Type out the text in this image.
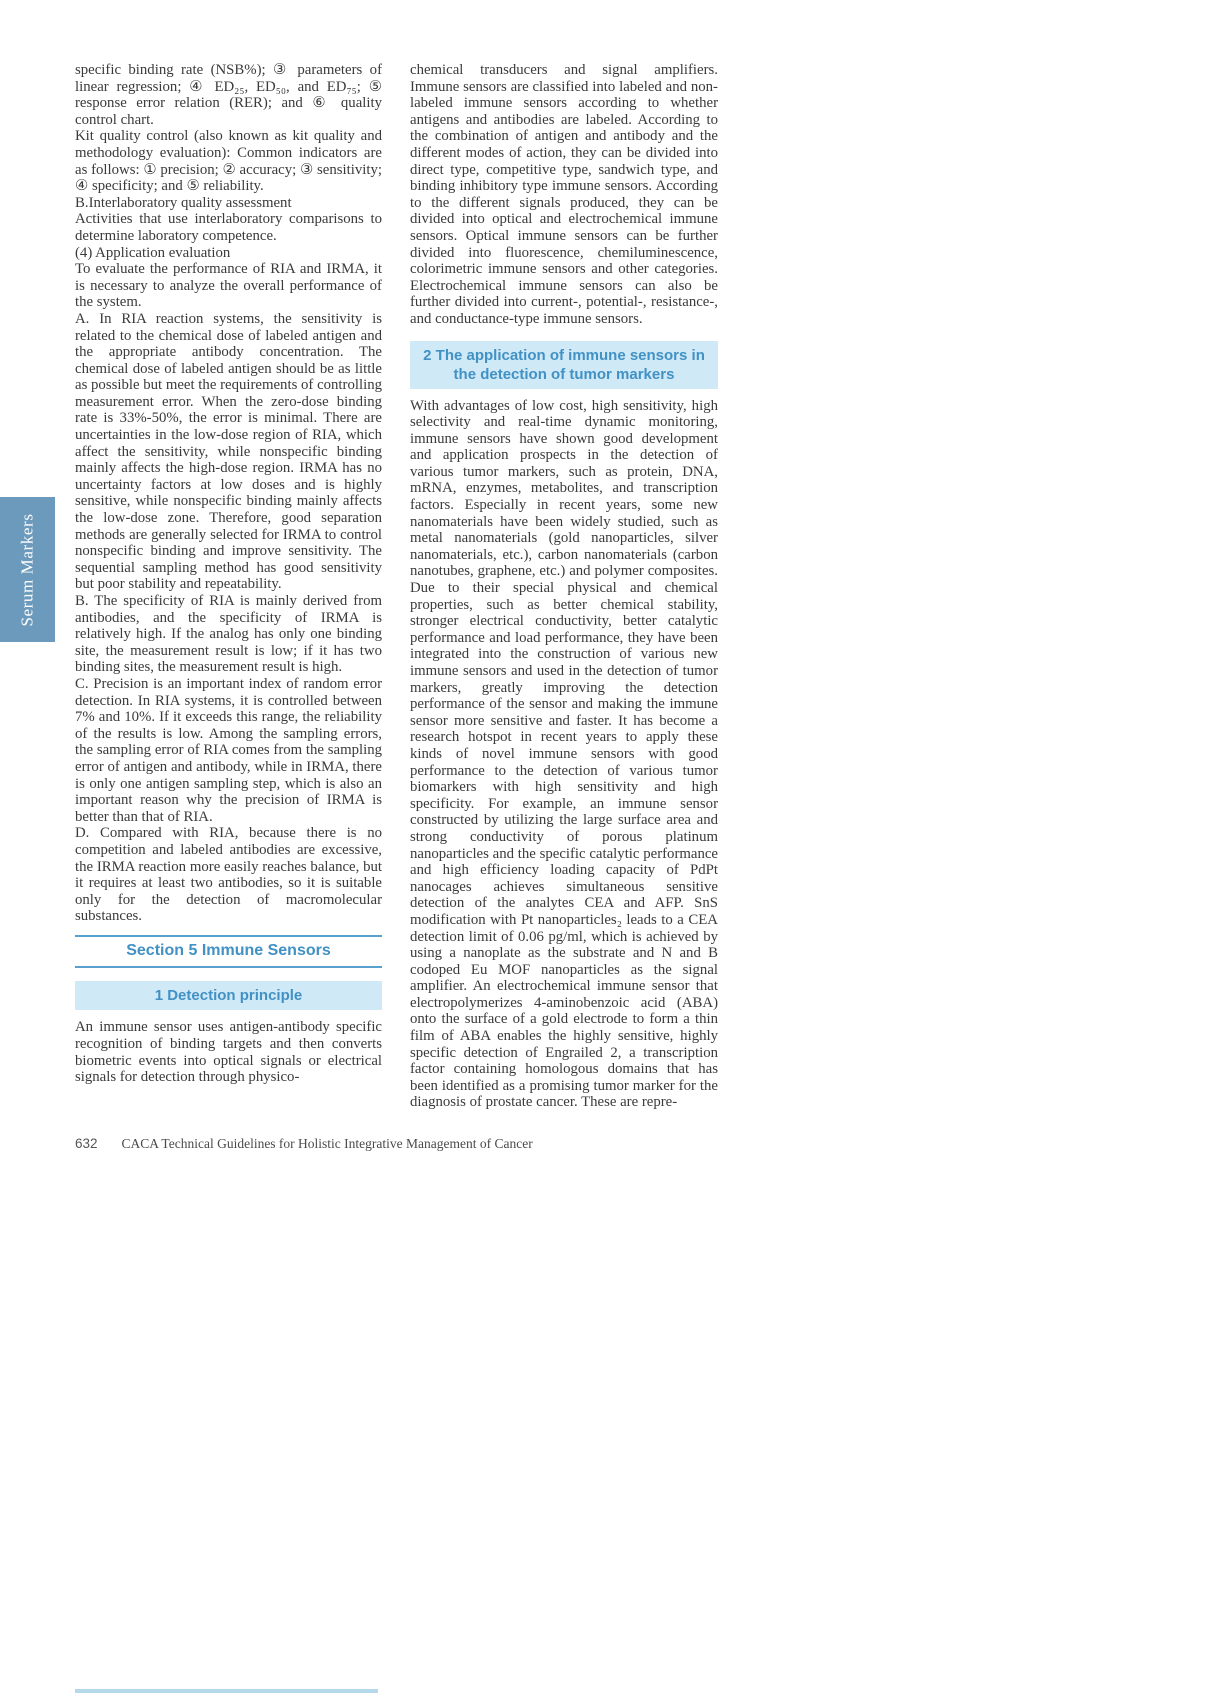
Serum Markers

specific binding rate (NSB%); ③ parameters of linear regression; ④ ED₂₅, ED₅₀, and ED₇₅; ⑤ response error relation (RER); and ⑥ quality control chart.

Kit quality control (also known as kit quality and methodology evaluation): Common indicators are as follows: ① precision; ② accuracy; ③ sensitivity; ④ specificity; and ⑤ reliability.

B.Interlaboratory quality assessment

Activities that use interlaboratory comparisons to determine laboratory competence.

(4) Application evaluation

To evaluate the performance of RIA and IRMA, it is necessary to analyze the overall performance of the system.

A. In RIA reaction systems, the sensitivity is related to the chemical dose of labeled antigen and the appropriate antibody concentration. The chemical dose of labeled antigen should be as little as possible but meet the requirements of controlling measurement error. When the zero-dose binding rate is 33%-50%, the error is minimal. There are uncertainties in the low-dose region of RIA, which affect the sensitivity, while nonspecific binding mainly affects the high-dose region. IRMA has no uncertainty factors at low doses and is highly sensitive, while nonspecific binding mainly affects the low-dose zone. Therefore, good separation methods are generally selected for IRMA to control nonspecific binding and improve sensitivity. The sequential sampling method has good sensitivity but poor stability and repeatability.

B. The specificity of RIA is mainly derived from antibodies, and the specificity of IRMA is relatively high. If the analog has only one binding site, the measurement result is low; if it has two binding sites, the measurement result is high.

C. Precision is an important index of random error detection. In RIA systems, it is controlled between 7% and 10%. If it exceeds this range, the reliability of the results is low. Among the sampling errors, the sampling error of RIA comes from the sampling error of antigen and antibody, while in IRMA, there is only one antigen sampling step, which is also an important reason why the precision of IRMA is better than that of RIA.

D. Compared with RIA, because there is no competition and labeled antibodies are excessive, the IRMA reaction more easily reaches balance, but it requires at least two antibodies, so it is suitable only for the detection of macromolecular substances.

Section 5 Immune Sensors
1 Detection principle

An immune sensor uses antigen-antibody specific recognition of binding targets and then converts biometric events into optical signals or electrical signals for detection through physico-

chemical transducers and signal amplifiers. Immune sensors are classified into labeled and non-labeled immune sensors according to whether antigens and antibodies are labeled. According to the combination of antigen and antibody and the different modes of action, they can be divided into direct type, competitive type, sandwich type, and binding inhibitory type immune sensors. According to the different signals produced, they can be divided into optical and electrochemical immune sensors. Optical immune sensors can be further divided into fluorescence, chemiluminescence, colorimetric immune sensors and other categories. Electrochemical immune sensors can also be further divided into current-, potential-, resistance-, and conductance-type immune sensors.

2 The application of immune sensors in the detection of tumor markers

With advantages of low cost, high sensitivity, high selectivity and real-time dynamic monitoring, immune sensors have shown good development and application prospects in the detection of various tumor markers, such as protein, DNA, mRNA, enzymes, metabolites, and transcription factors. Especially in recent years, some new nanomaterials have been widely studied, such as metal nanomaterials (gold nanoparticles, silver nanomaterials, etc.), carbon nanomaterials (carbon nanotubes, graphene, etc.) and polymer composites. Due to their special physical and chemical properties, such as better chemical stability, stronger electrical conductivity, better catalytic performance and load performance, they have been integrated into the construction of various new immune sensors and used in the detection of tumor markers, greatly improving the detection performance of the sensor and making the immune sensor more sensitive and faster. It has become a research hotspot in recent years to apply these kinds of novel immune sensors with good performance to the detection of various tumor biomarkers with high sensitivity and high specificity. For example, an immune sensor constructed by utilizing the large surface area and strong conductivity of porous platinum nanoparticles and the specific catalytic performance and high efficiency loading capacity of PdPt nanocages achieves simultaneous sensitive detection of the analytes CEA and AFP. SnS modification with Pt nanoparticles₂ leads to a CEA detection limit of 0.06 pg/ml, which is achieved by using a nanoplate as the substrate and N and B codoped Eu MOF nanoparticles as the signal amplifier. An electrochemical immune sensor that electropolymerizes 4-aminobenzoic acid (ABA) onto the surface of a gold electrode to form a thin film of ABA enables the highly sensitive, highly specific detection of Engrailed 2, a transcription factor containing homologous domains that has been identified as a promising tumor marker for the diagnosis of prostate cancer. These are repre-

632 CACA Technical Guidelines for Holistic Integrative Management of Cancer
